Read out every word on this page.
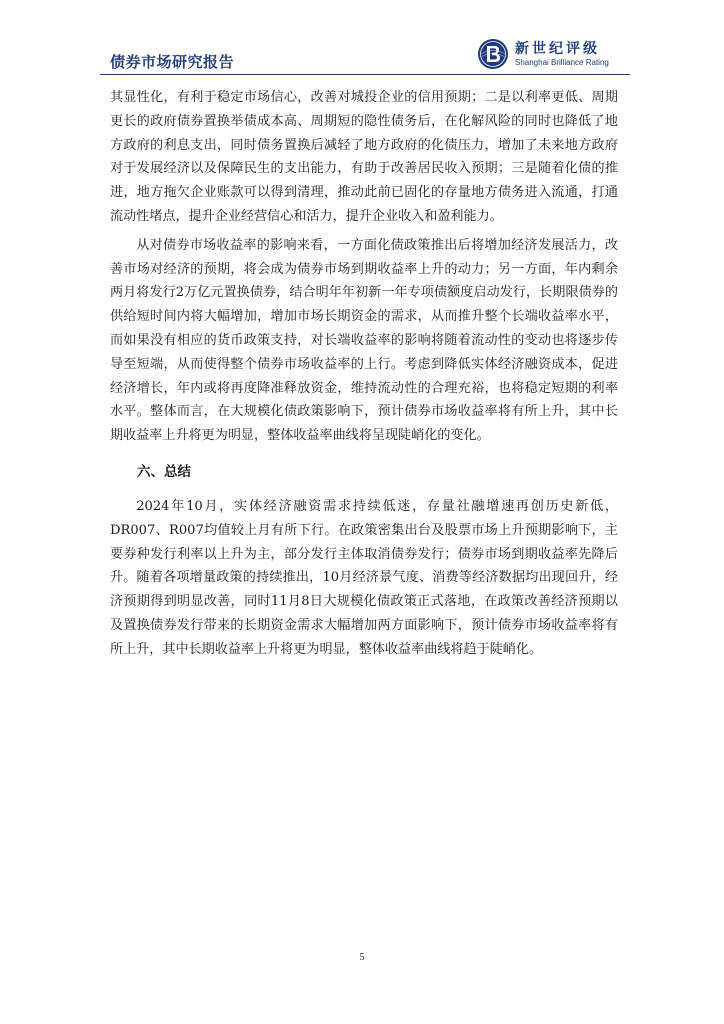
债券市场研究报告
新世纪评级
Shanghai Brilliance Rating

其显性化，有利于稳定市场信心，改善对城投企业的信用预期；二是以利率更低、周期更长的政府债券置换举债成本高、周期短的隐性债务后，在化解风险的同时也降低了地方政府的利息支出，同时债务置换后减轻了地方政府的化债压力，增加了未来地方政府对于发展经济以及保障民生的支出能力，有助于改善居民收入预期；三是随着化债的推进，地方拖欠企业账款可以得到清理，推动此前已固化的存量地方债务进入流通，打通流动性堵点，提升企业经营信心和活力，提升企业收入和盈利能力。

从对债券市场收益率的影响来看，一方面化债政策推出后将增加经济发展活力，改善市场对经济的预期，将会成为债券市场到期收益率上升的动力；另一方面，年内剩余两月将发行2万亿元置换债券，结合明年年初新一年专项债额度启动发行，长期限债券的供给短时间内将大幅增加，增加市场长期资金的需求，从而推升整个长端收益率水平，而如果没有相应的货币政策支持，对长端收益率的影响将随着流动性的变动也将逐步传导至短端，从而使得整个债券市场收益率的上行。考虑到降低实体经济融资成本，促进经济增长，年内或将再度降准释放资金，维持流动性的合理充裕，也将稳定短期的利率水平。整体而言，在大规模化债政策影响下，预计债券市场收益率将有所上升，其中长期收益率上升将更为明显，整体收益率曲线将呈现陡峭化的变化。

六、总结

2024年10月，实体经济融资需求持续低迷，存量社融增速再创历史新低，DR007、R007均值较上月有所下行。在政策密集出台及股票市场上升预期影响下，主要券种发行利率以上升为主，部分发行主体取消债券发行；债券市场到期收益率先降后升。随着各项增量政策的持续推出，10月经济景气度、消费等经济数据均出现回升，经济预期得到明显改善，同时11月8日大规模化债政策正式落地，在政策改善经济预期以及置换债券发行带来的长期资金需求大幅增加两方面影响下，预计债券市场收益率将有所上升，其中长期收益率上升将更为明显，整体收益率曲线将趋于陡峭化。

5
